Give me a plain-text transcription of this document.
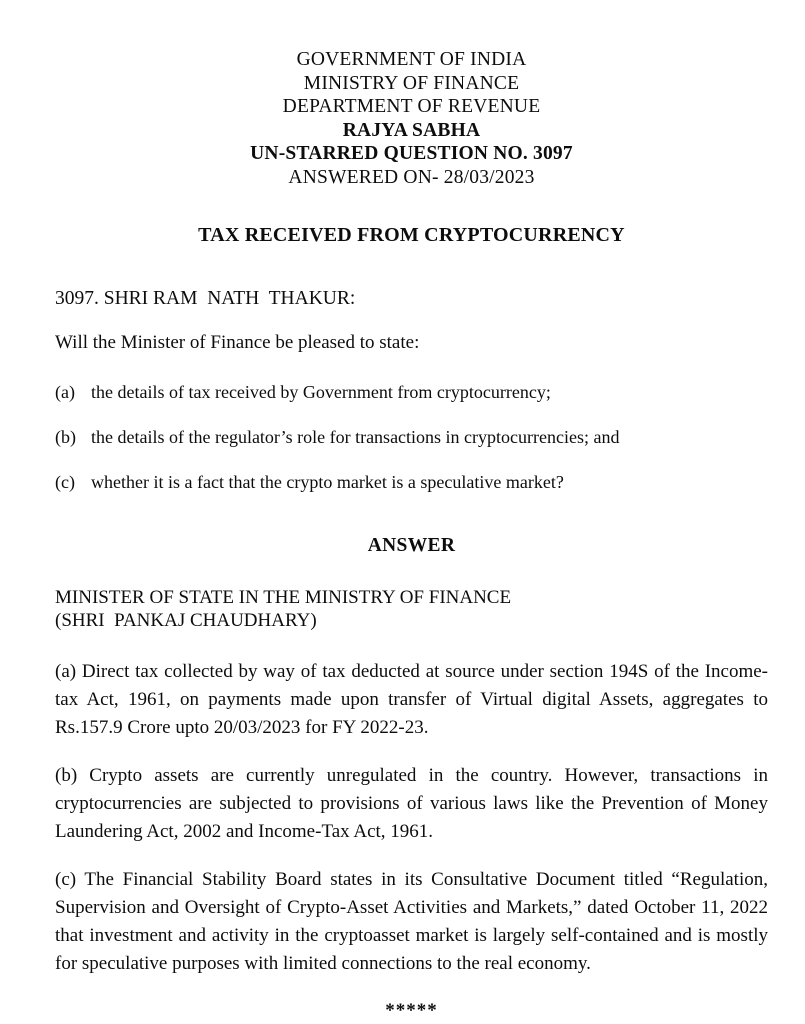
GOVERNMENT OF INDIA
MINISTRY OF FINANCE
DEPARTMENT OF REVENUE
RAJYA SABHA
UN-STARRED QUESTION NO. 3097
ANSWERED ON- 28/03/2023
TAX RECEIVED FROM CRYPTOCURRENCY
3097. SHRI RAM  NATH  THAKUR:
Will the Minister of Finance be pleased to state:
(a) the details of tax received by Government from cryptocurrency;
(b) the details of the regulator’s role for transactions in cryptocurrencies; and
(c) whether it is a fact that the crypto market is a speculative market?
ANSWER
MINISTER OF STATE IN THE MINISTRY OF FINANCE
(SHRI  PANKAJ CHAUDHARY)

(a) Direct tax collected by way of tax deducted at source under section 194S of the Income-tax Act, 1961, on payments made upon transfer of Virtual digital Assets, aggregates to Rs.157.9 Crore upto 20/03/2023 for FY 2022-23.

(b) Crypto assets are currently unregulated in the country. However, transactions in cryptocurrencies are subjected to provisions of various laws like the Prevention of Money Laundering Act, 2002 and Income-Tax Act, 1961.

(c) The Financial Stability Board states in its Consultative Document titled “Regulation, Supervision and Oversight of Crypto-Asset Activities and Markets,” dated October 11, 2022 that investment and activity in the cryptoasset market is largely self-contained and is mostly for speculative purposes with limited connections to the real economy.

*****
